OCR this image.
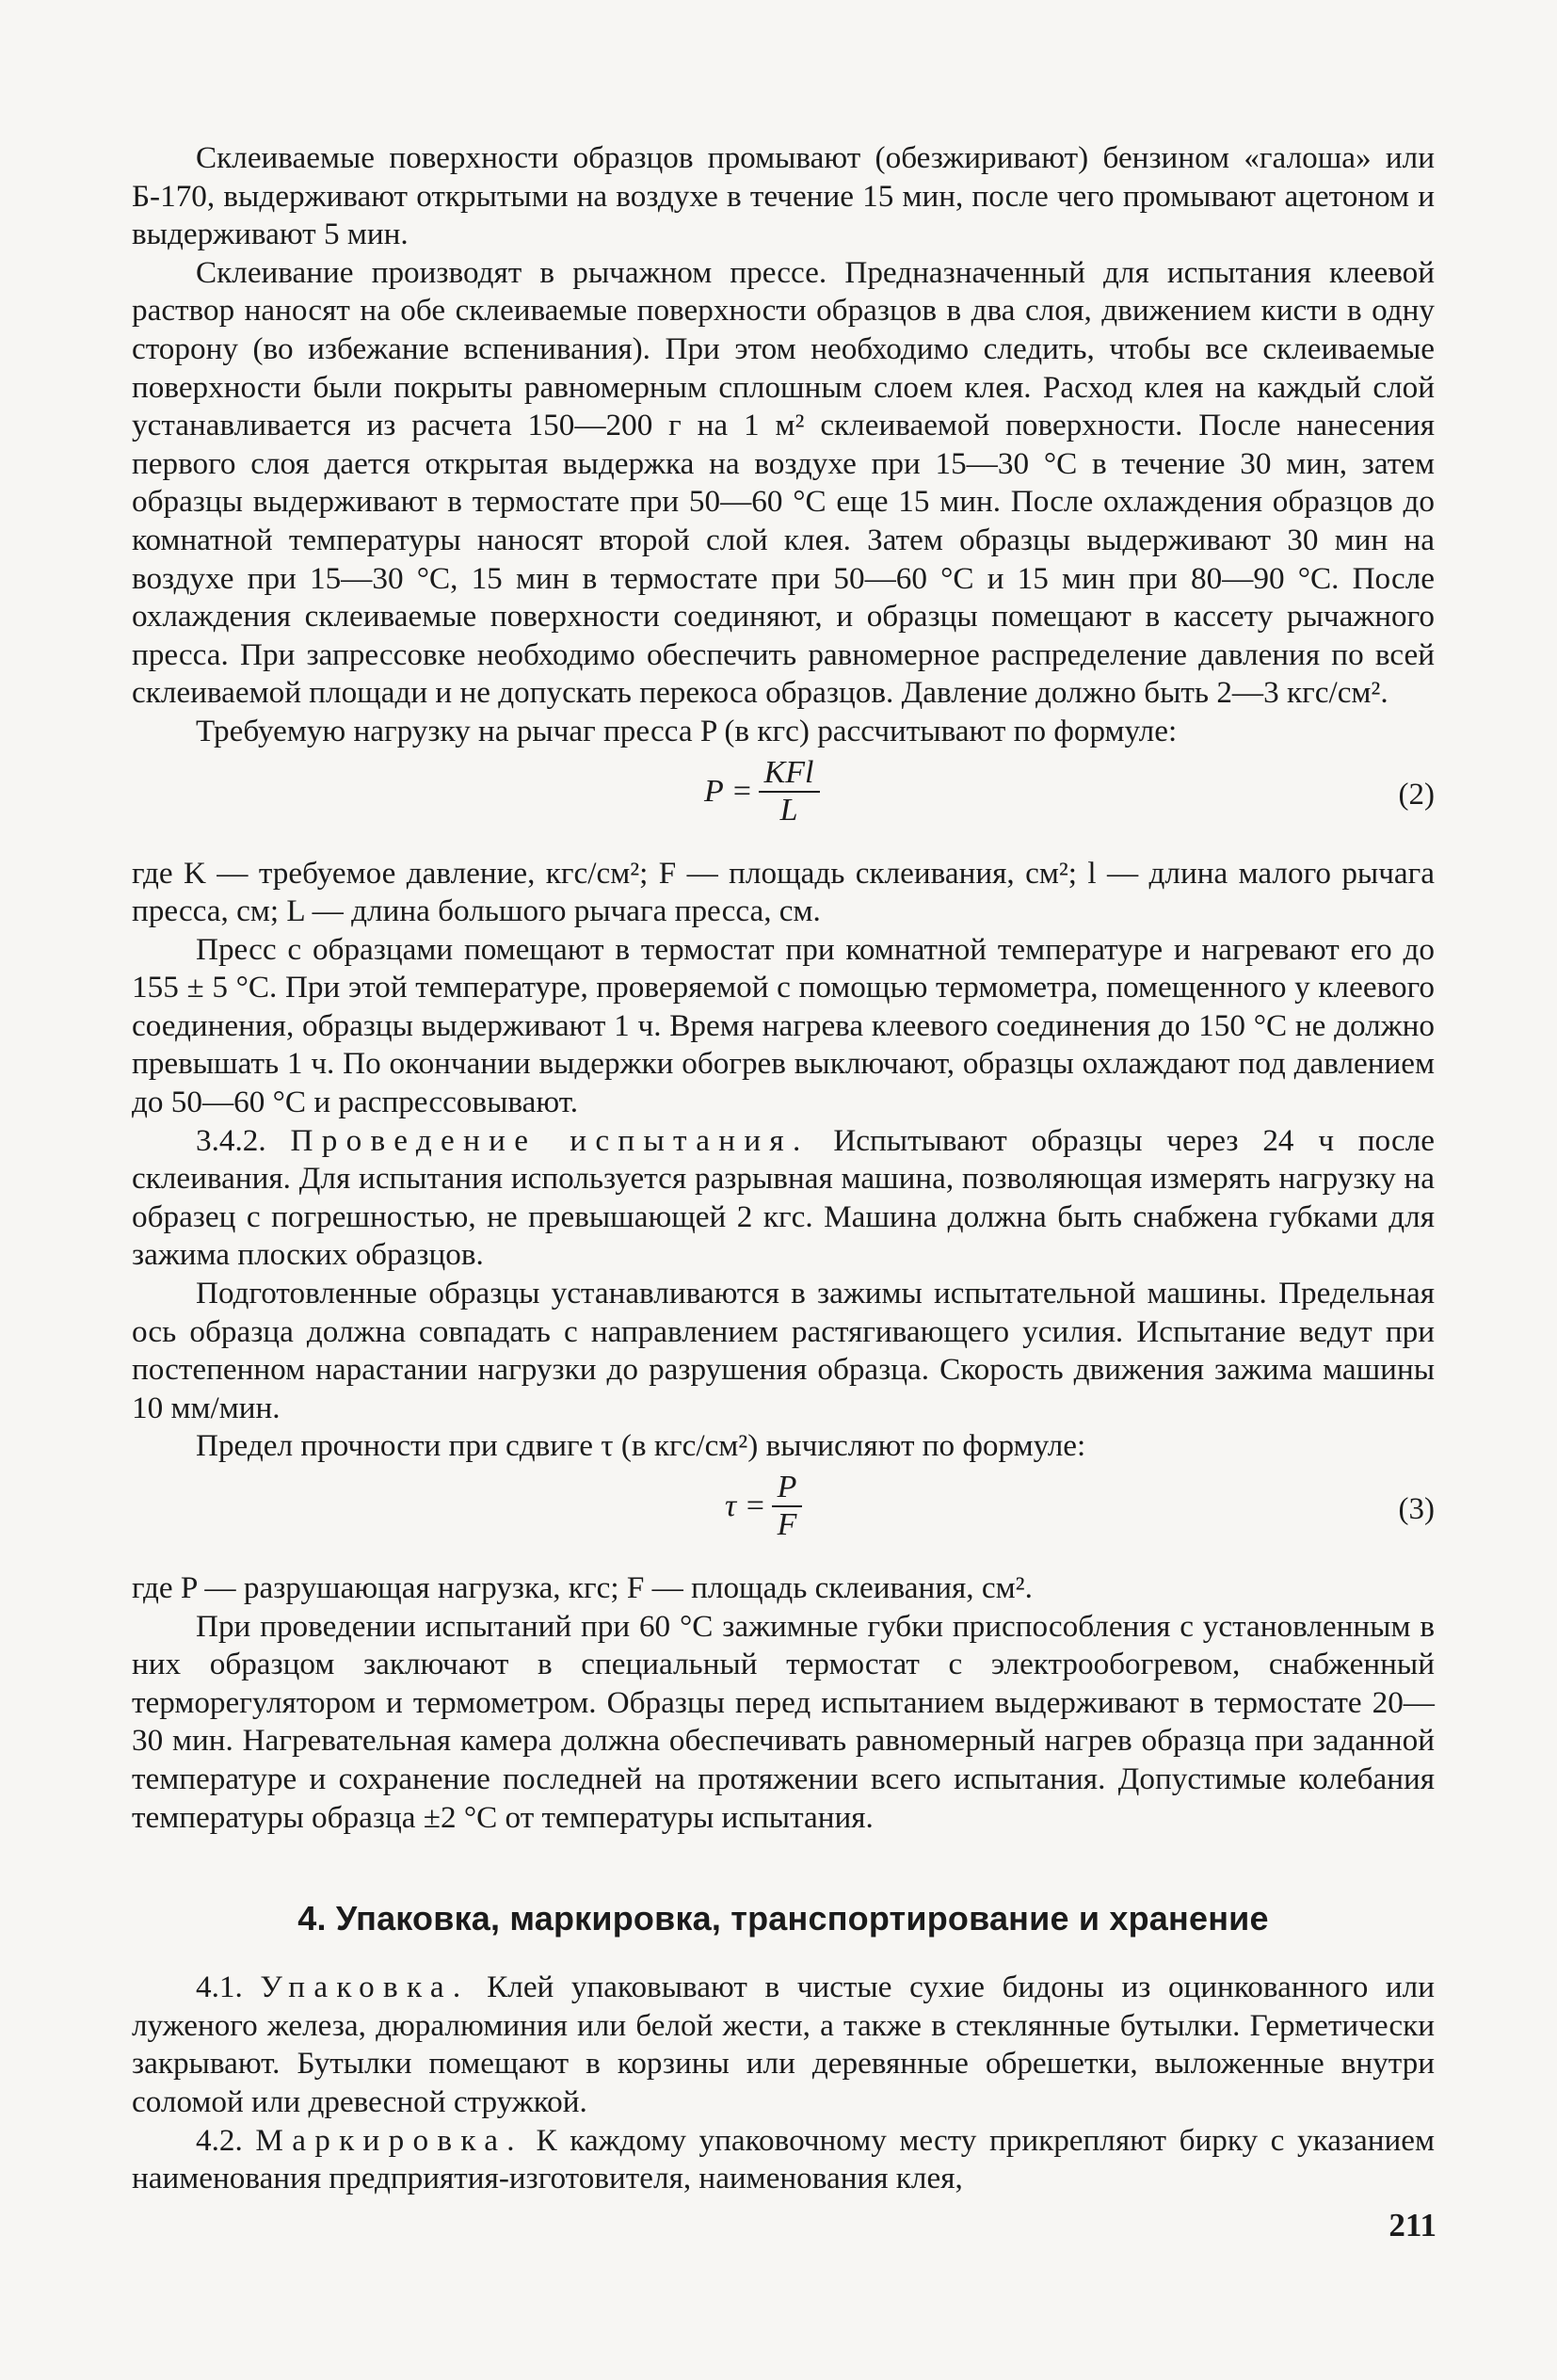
Склеиваемые поверхности образцов промывают (обезжиривают) бензином «галоша» или Б-170, выдерживают открытыми на воздухе в течение 15 мин, после чего промывают ацетоном и выдерживают 5 мин.

Склеивание производят в рычажном прессе. Предназначенный для испытания клеевой раствор наносят на обе склеиваемые поверхности образцов в два слоя, движением кисти в одну сторону (во избежание вспенивания). При этом необходимо следить, чтобы все склеиваемые поверхности были покрыты равномерным сплошным слоем клея. Расход клея на каждый слой устанавливается из расчета 150—200 г на 1 м² склеиваемой поверхности. После нанесения первого слоя дается открытая выдержка на воздухе при 15—30 °С в течение 30 мин, затем образцы выдерживают в термостате при 50—60 °С еще 15 мин. После охлаждения образцов до комнатной температуры наносят второй слой клея. Затем образцы выдерживают 30 мин на воздухе при 15—30 °С, 15 мин в термостате при 50—60 °С и 15 мин при 80—90 °С. После охлаждения склеиваемые поверхности соединяют, и образцы помещают в кассету рычажного пресса. При запрессовке необходимо обеспечить равномерное распределение давления по всей склеиваемой площади и не допускать перекоса образцов. Давление должно быть 2—3 кгс/см².

Требуемую нагрузку на рычаг пресса P (в кгс) рассчитывают по формуле:

$P = \frac{\text{KFl}}{L}$	(2)

где K — требуемое давление, кгс/см²; F — площадь склеивания, см²; l — длина малого рычага пресса, см; L — длина большого рычага пресса, см.

Пресс с образцами помещают в термостат при комнатной температуре и нагревают его до 155 ± 5 °С. При этой температуре, проверяемой с помощью термометра, помещенного у клеевого соединения, образцы выдерживают 1 ч. Время нагрева клеевого соединения до 150 °С не должно превышать 1 ч. По окончании выдержки обогрев выключают, образцы охлаждают под давлением до 50—60 °С и распрессовывают.

3.4.2. Проведение испытания. Испытывают образцы через 24 ч после склеивания. Для испытания используется разрывная машина, позволяющая измерять нагрузку на образец с погрешностью, не превышающей 2 кгс. Машина должна быть снабжена губками для зажима плоских образцов.

Подготовленные образцы устанавливаются в зажимы испытательной машины. Предельная ось образца должна совпадать с направлением растягивающего усилия. Испытание ведут при постепенном нарастании нагрузки до разрушения образца. Скорость движения зажима машины 10 мм/мин.

Предел прочности при сдвиге τ (в кгс/см²) вычисляют по формуле:

$\tau = \frac{P}{F}$	(3)

где P — разрушающая нагрузка, кгс; F — площадь склеивания, см².

При проведении испытаний при 60 °С зажимные губки приспособления с установленным в них образцом заключают в специальный термостат с электрообогревом, снабженный терморегулятором и термометром. Образцы перед испытанием выдерживают в термостате 20—30 мин. Нагревательная камера должна обеспечивать равномерный нагрев образца при заданной температуре и сохранение последней на протяжении всего испытания. Допустимые колебания температуры образца ±2 °С от температуры испытания.

4. Упаковка, маркировка, транспортирование и хранение

4.1. Упаковка. Клей упаковывают в чистые сухие бидоны из оцинкованного или луженого железа, дюралюминия или белой жести, а также в стеклянные бутылки. Герметически закрывают. Бутылки помещают в корзины или деревянные обрешетки, выложенные внутри соломой или древесной стружкой.

4.2. Маркировка. К каждому упаковочному месту прикрепляют бирку с указанием наименования предприятия-изготовителя, наименования клея,

211
